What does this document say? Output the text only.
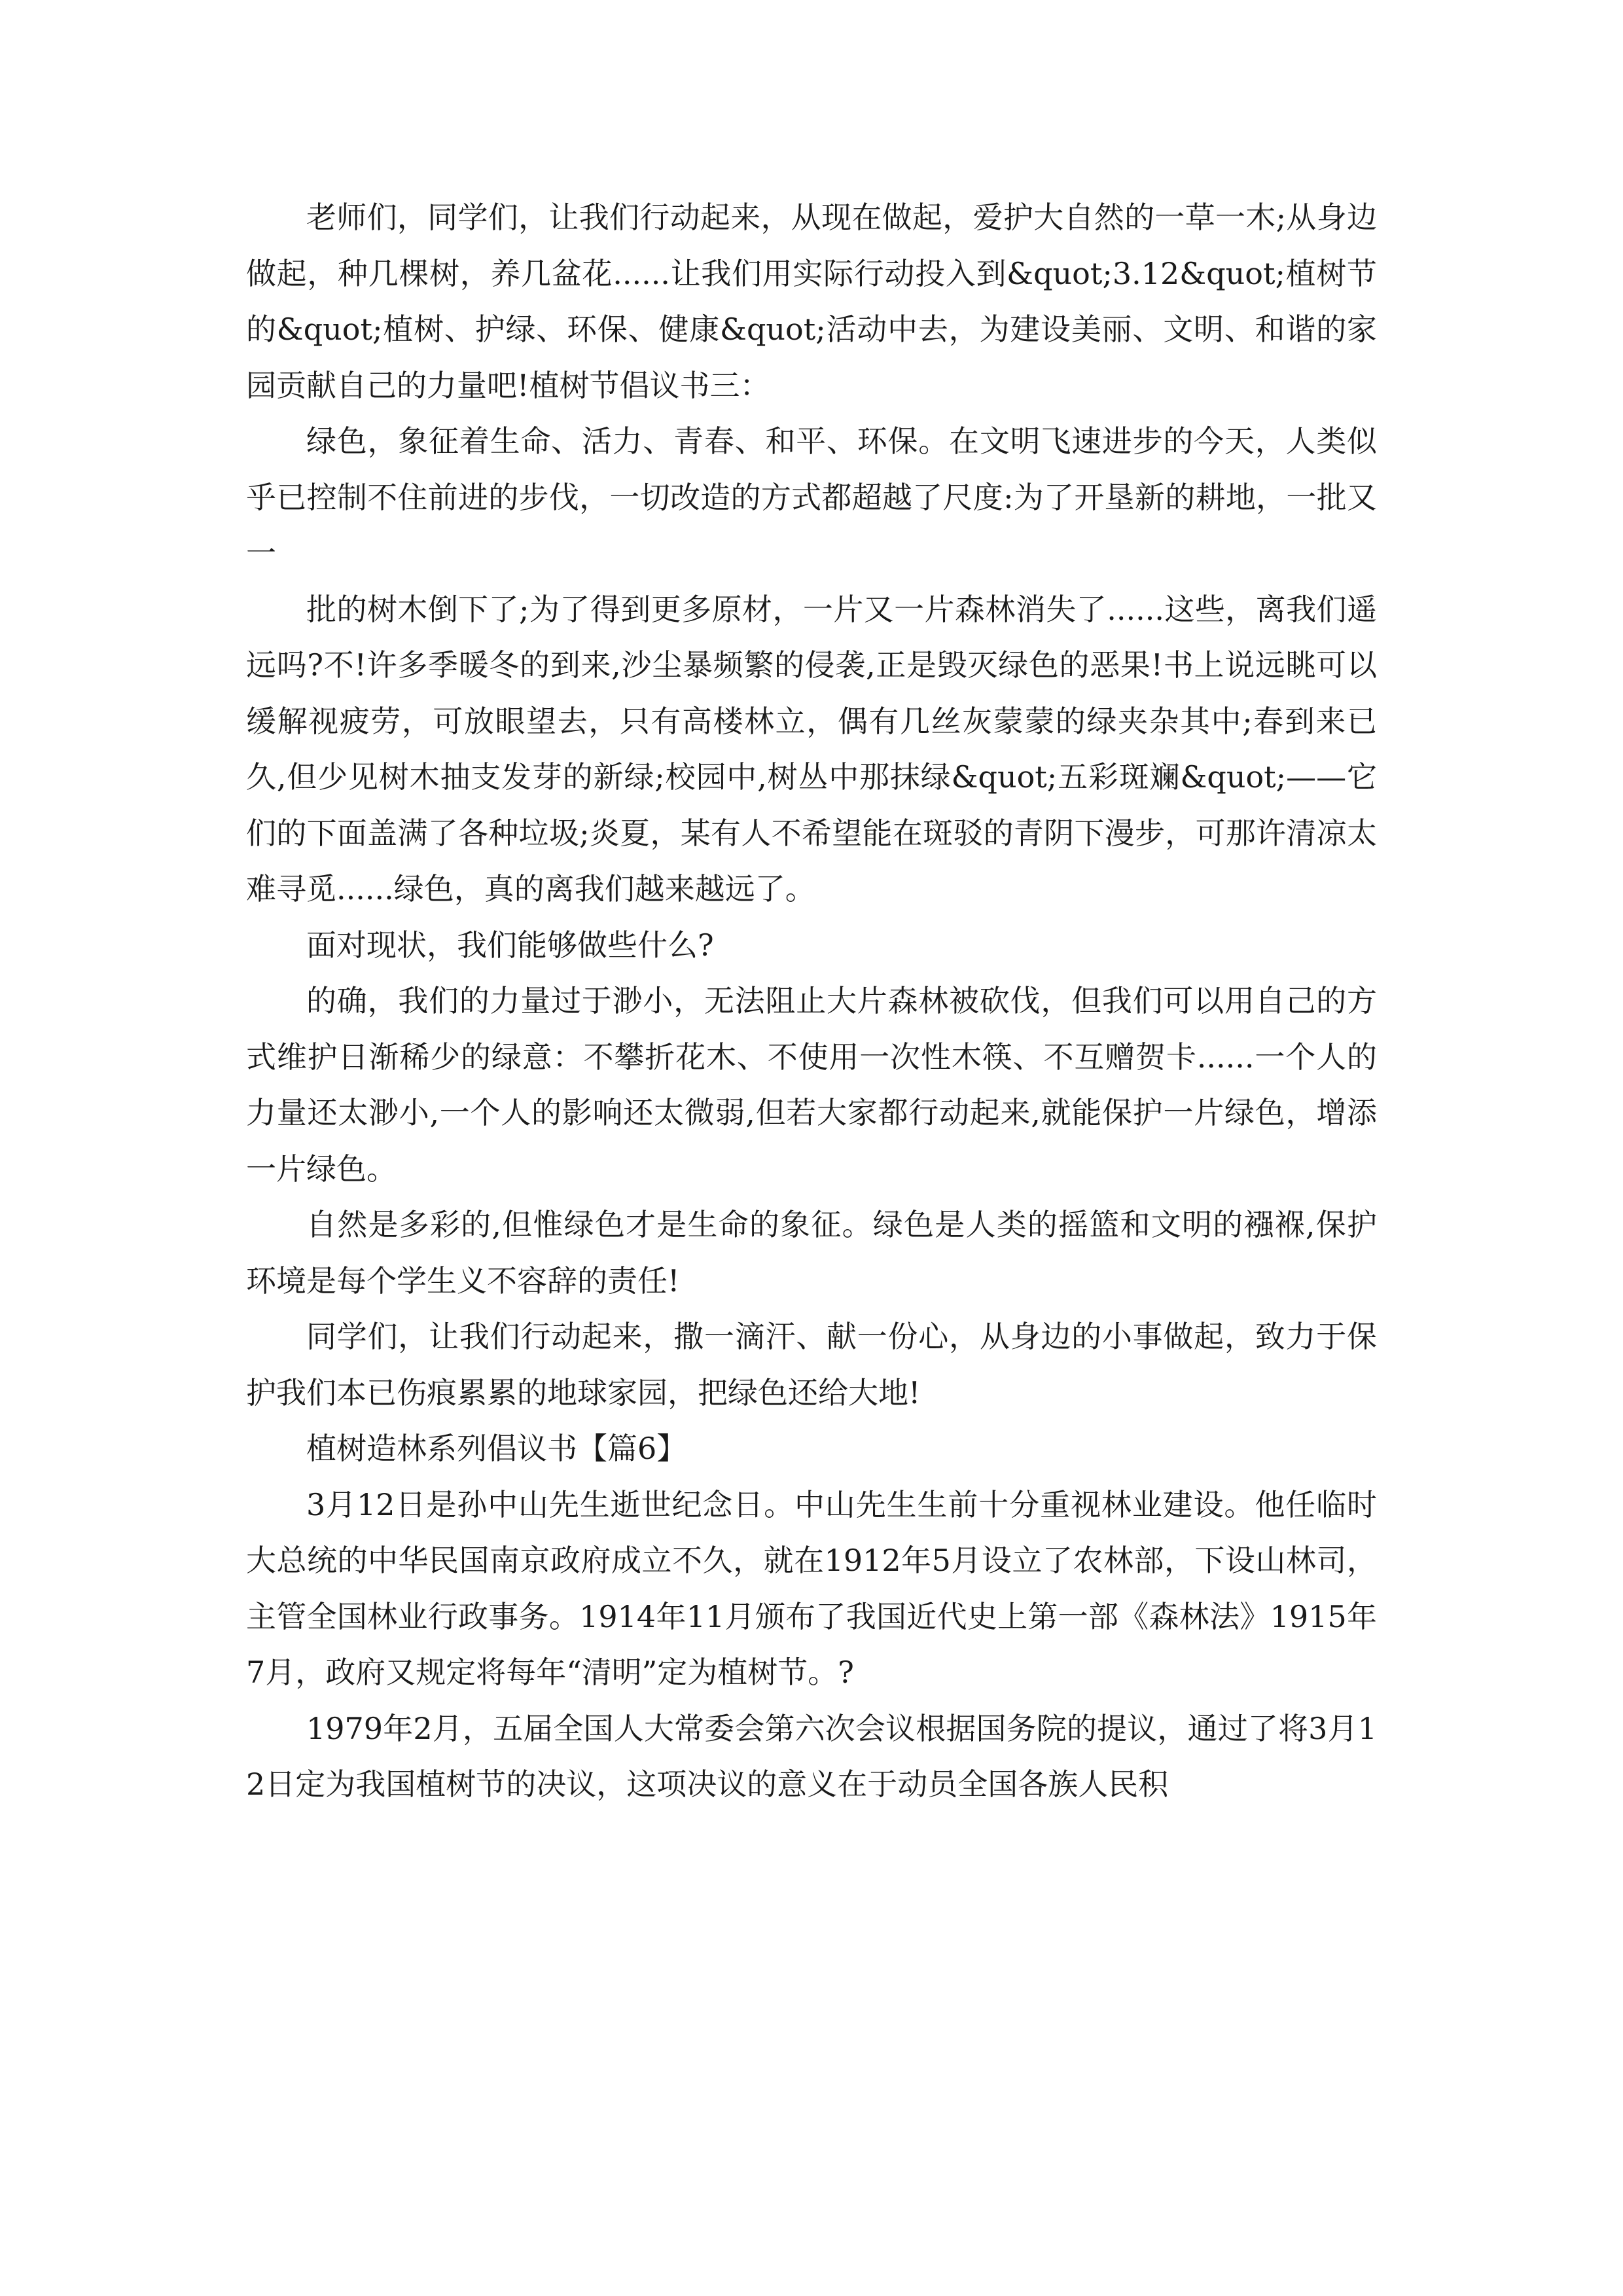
老师们，同学们，让我们行动起来，从现在做起，爱护大自然的一草一木;从身边做起，种几棵树，养几盆花......让我们用实际行动投入到&quot;3.12&quot;植树节的&quot;植树、护绿、环保、健康&quot;活动中去，为建设美丽、文明、和谐的家园贡献自己的力量吧!植树节倡议书三：

绿色，象征着生命、活力、青春、和平、环保。在文明飞速进步的今天，人类似乎已控制不住前进的步伐，一切改造的方式都超越了尺度:为了开垦新的耕地，一批又一

批的树木倒下了;为了得到更多原材，一片又一片森林消失了......这些，离我们遥远吗?不!许多季暖冬的到来,沙尘暴频繁的侵袭,正是毁灭绿色的恶果!书上说远眺可以缓解视疲劳，可放眼望去，只有高楼林立，偶有几丝灰蒙蒙的绿夹杂其中;春到来已久,但少见树木抽支发芽的新绿;校园中,树丛中那抹绿&quot;五彩斑斓&quot;——它们的下面盖满了各种垃圾;炎夏，某有人不希望能在斑驳的青阴下漫步，可那许清凉太难寻觅......绿色，真的离我们越来越远了。

面对现状，我们能够做些什么?

的确，我们的力量过于渺小，无法阻止大片森林被砍伐，但我们可以用自己的方式维护日渐稀少的绿意：不攀折花木、不使用一次性木筷、不互赠贺卡......一个人的力量还太渺小,一个人的影响还太微弱,但若大家都行动起来,就能保护一片绿色，增添一片绿色。

自然是多彩的,但惟绿色才是生命的象征。绿色是人类的摇篮和文明的襁褓,保护环境是每个学生义不容辞的责任!

同学们，让我们行动起来，撒一滴汗、献一份心，从身边的小事做起，致力于保护我们本已伤痕累累的地球家园，把绿色还给大地!

植树造林系列倡议书【篇6】

3月12日是孙中山先生逝世纪念日。中山先生生前十分重视林业建设。他任临时大总统的中华民国南京政府成立不久，就在1912年5月设立了农林部，下设山林司，主管全国林业行政事务。1914年11月颁布了我国近代史上第一部《森林法》1915年7月，政府又规定将每年“清明”定为植树节。?

1979年2月，五届全国人大常委会第六次会议根据国务院的提议，通过了将3月12日定为我国植树节的决议，这项决议的意义在于动员全国各族人民积
